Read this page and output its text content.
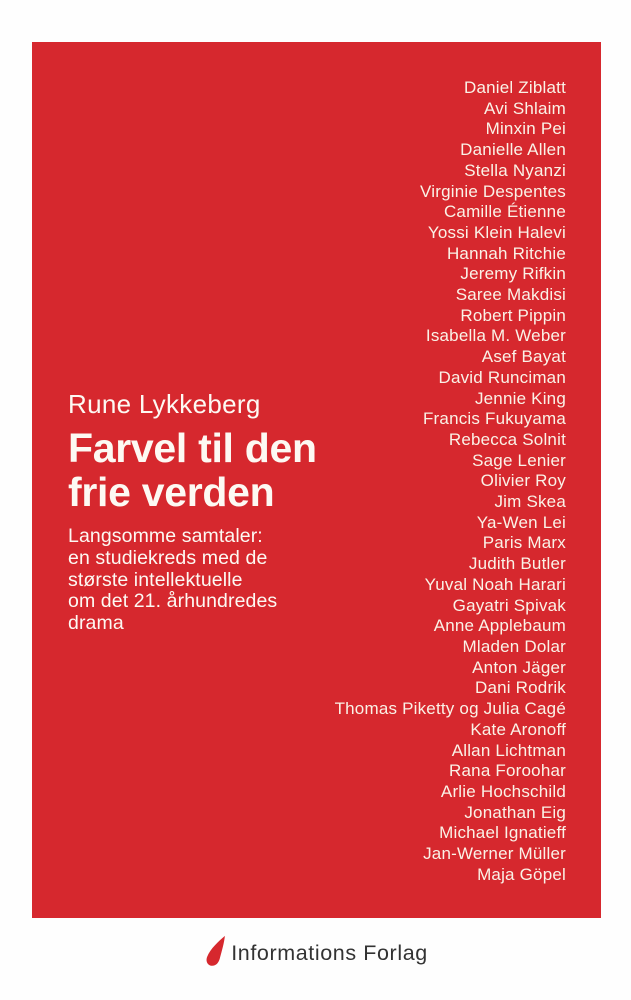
Daniel Ziblatt
Avi Shlaim
Minxin Pei
Danielle Allen
Stella Nyanzi
Virginie Despentes
Camille Étienne
Yossi Klein Halevi
Hannah Ritchie
Jeremy Rifkin
Saree Makdisi
Robert Pippin
Isabella M. Weber
Asef Bayat
David Runciman
Jennie King
Francis Fukuyama
Rebecca Solnit
Sage Lenier
Olivier Roy
Jim Skea
Ya-Wen Lei
Paris Marx
Judith Butler
Yuval Noah Harari
Gayatri Spivak
Anne Applebaum
Mladen Dolar
Anton Jäger
Dani Rodrik
Thomas Piketty og Julia Cagé
Kate Aronoff
Allan Lichtman
Rana Foroohar
Arlie Hochschild
Jonathan Eig
Michael Ignatieff
Jan-Werner Müller
Maja Göpel
Rune Lykkeberg
Farvel til den
frie verden
Langsomme samtaler:
en studiekreds med de
største intellektuelle
om det 21. århundredes
drama
Informations Forlag
